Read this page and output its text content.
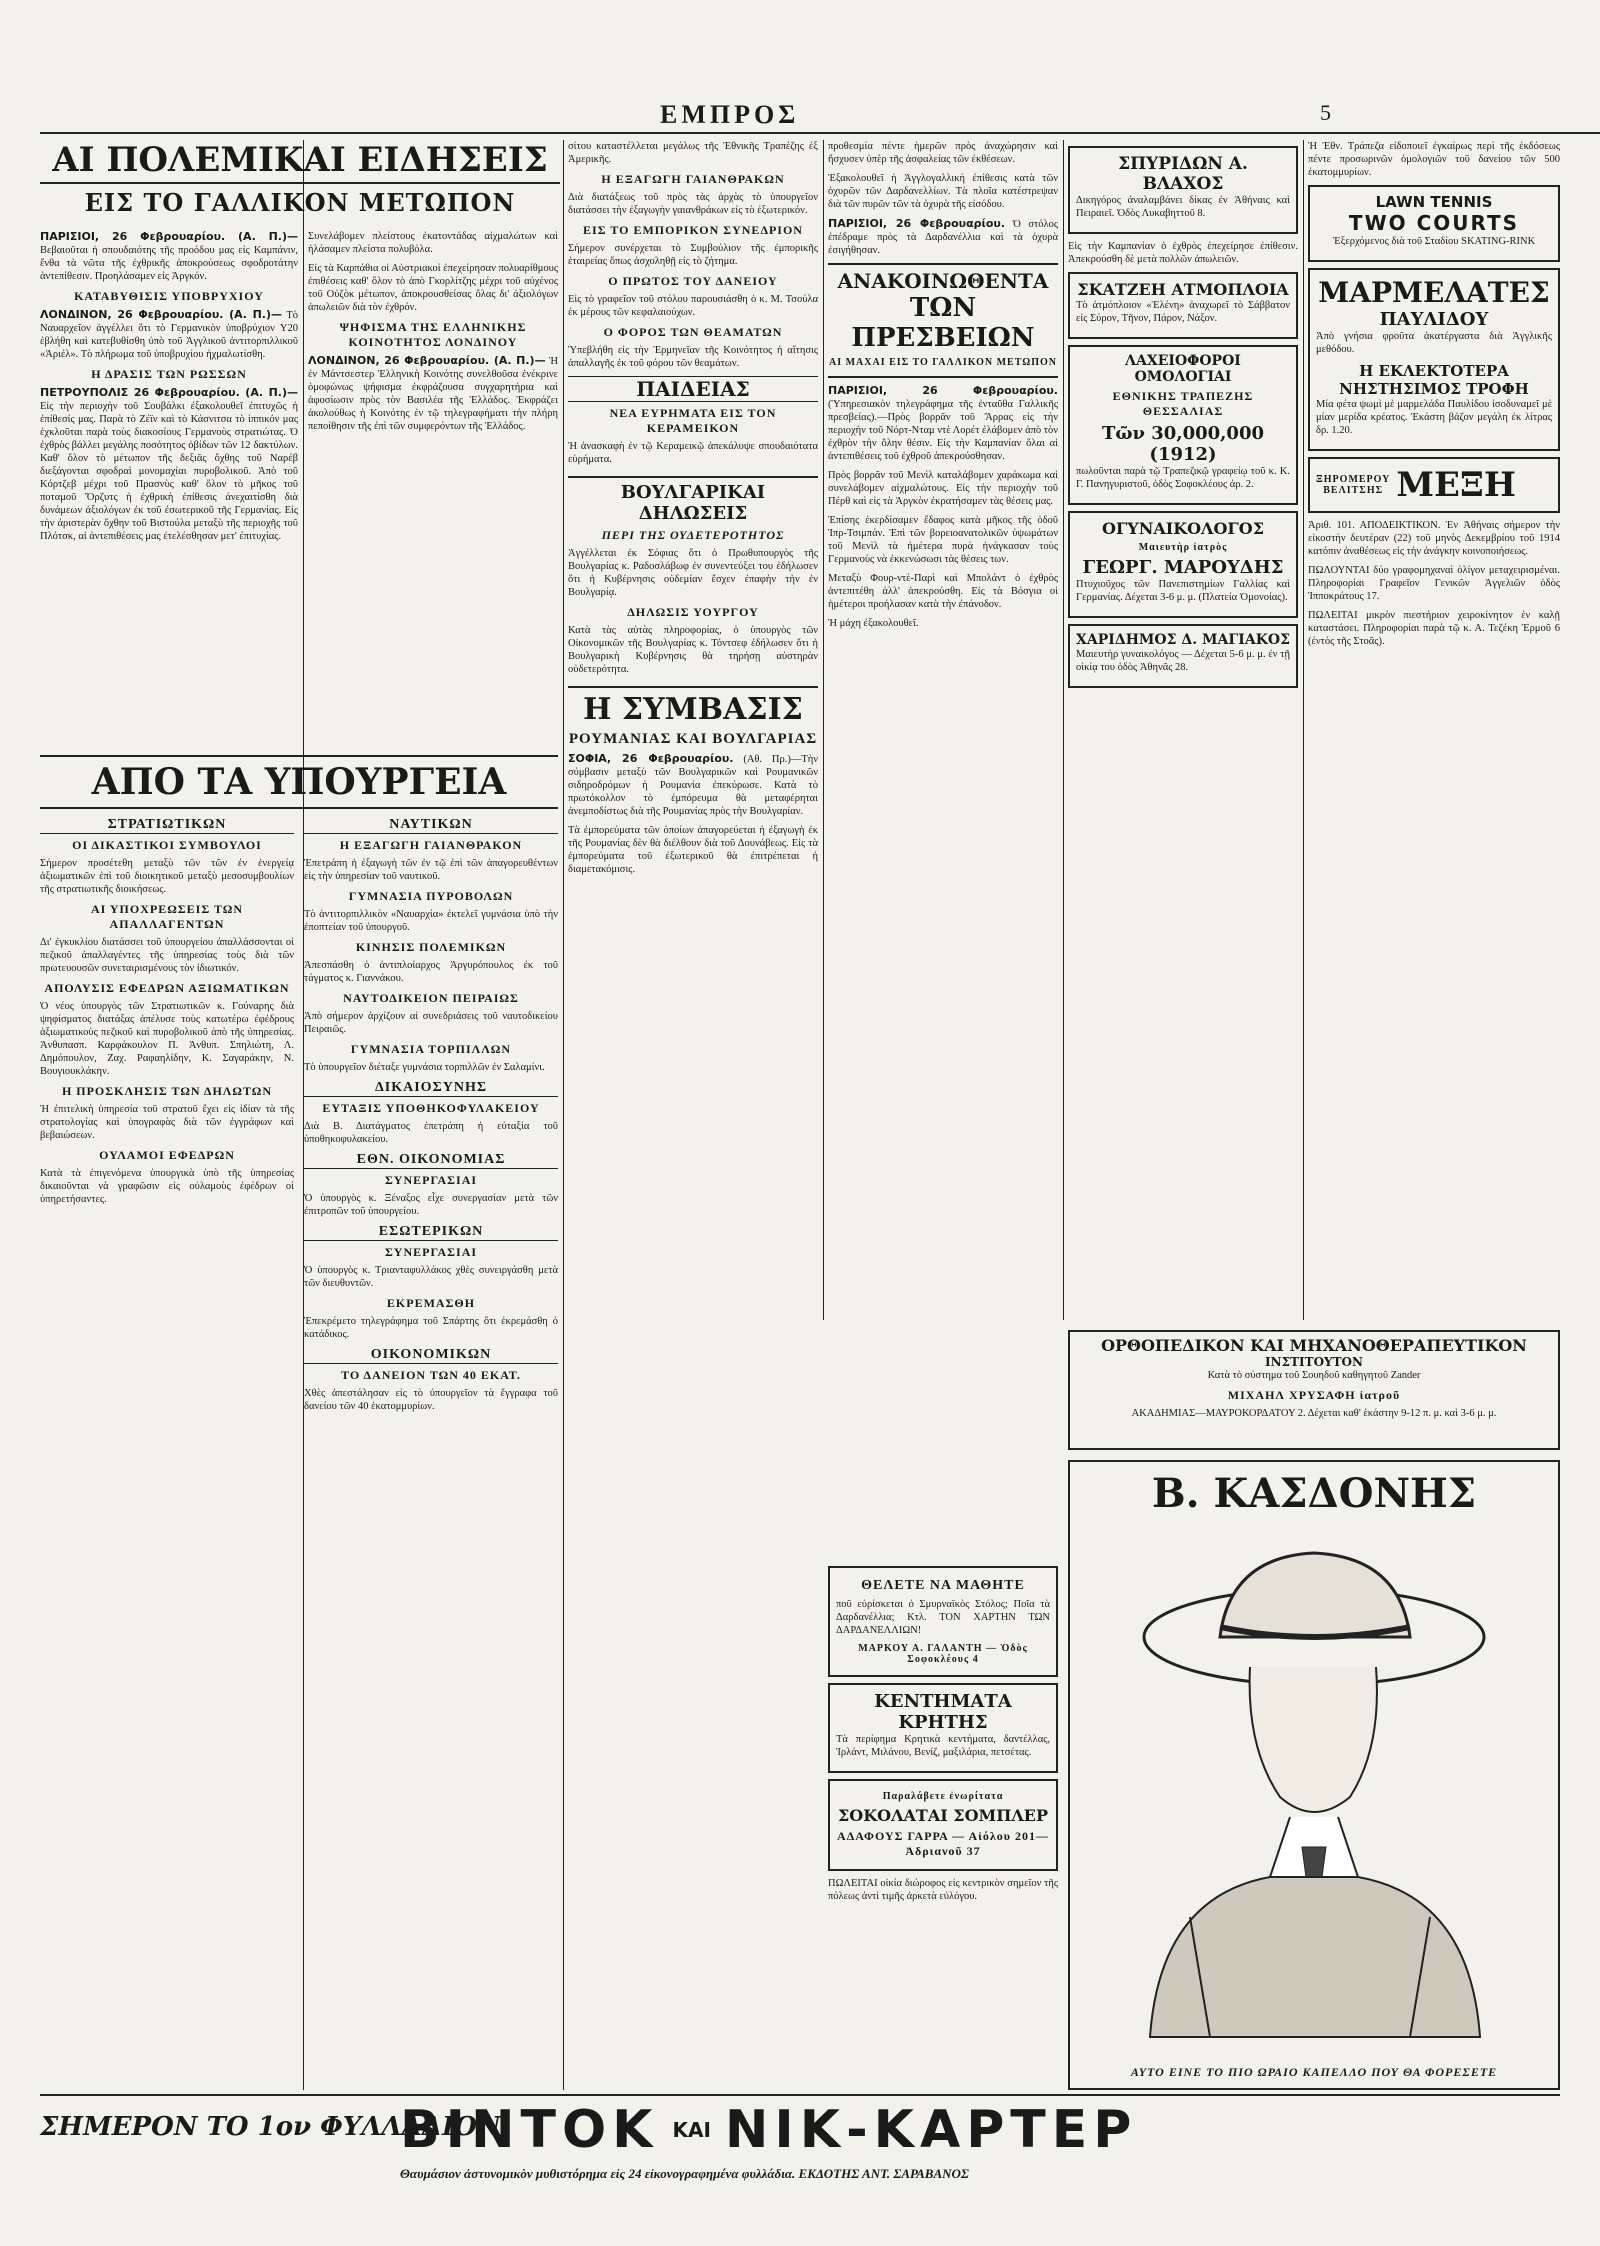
ΕΜΠΡΟΣ	5

ΑΙ ΠΟΛΕΜΙΚΑΙ ΕΙΔΗΣΕΙΣ

ΕΙΣ ΤΟ ΓΑΛΛΙΚΟΝ ΜΕΤΩΠΟΝ

ΠΑΡΙΣΙΟΙ, 26 Φεβρουαρίου. (Α. Π.)— Βεβαιοῦται ἡ σπουδαιότης τῆς προόδου μας εἰς Καμπάνιν, ἔνθα τὰ νῶτα τῆς ἐχθρικῆς ἀποκρούσεως σφοδροτάτην ἀντεπίθεσιν. Προηλάσαμεν εἰς Ἀργκόν.

ΚΑΤΑΒΥΘΙΣΙΣ ΥΠΟΒΡΥΧΙΟΥ

ΛΟΝΔΙΝΟΝ, 26 Φεβρουαρίου. (Α. Π.)— Τὸ Ναυαρχεῖον ἀγγέλλει ὅτι τὸ Γερμανικὸν ὑποβρύχιον Υ20 ἐβλήθη καὶ κατεβυθίσθη ὑπὸ τοῦ Ἀγγλικοῦ ἀντιτορπιλλικοῦ «Ἀριέλ». Τὸ πλήρωμα τοῦ ὑποβρυχίου ἠχμαλωτίσθη.

Η ΔΡΑΣΙΣ ΤΩΝ ΡΩΣΣΩΝ

ΠΕΤΡΟΥΠΟΛΙΣ 26 Φεβρουαρίου. (Α. Π.)— Εἰς τὴν περιοχὴν τοῦ Σουβάλκι ἐξακολουθεῖ ἐπιτυχῶς ἡ ἐπίθεσίς μας. Παρὰ τὸ Ζέϊν καὶ τὸ Κάσνιτσα τὸ ἱππικόν μας ἐχκλοῦται παρὰ τοὺς διακοσίους Γερμανοὺς στρατιώτας. Ὁ ἐχθρὸς βάλλει μεγάλης ποσότητος ὀβίδων τῶν 12 δακτύλων. Καθ' ὅλον τὸ μέτωπον τῆς δεξιᾶς ὄχθης τοῦ Ναρέβ διεξάγονται σφοδραὶ μονομαχίαι πυροβολικοῦ. Ἀπὸ τοῦ Κόρτζεβ μέχρι τοῦ Πρασνὺς καθ' ὅλον τὸ μῆκος τοῦ ποταμοῦ Ὄρζυτς ἡ ἐχθρικὴ ἐπίθεσις ἀνεχαιτίσθη διὰ δυνάμεων ἀξιολόγων ἐκ τοῦ ἐσωτερικοῦ τῆς Γερμανίας. Εἰς τὴν ἀριστερὰν ὄχθην τοῦ Βιστούλα μεταξὺ τῆς περιοχῆς τοῦ Πλότσκ, αἱ ἀντεπιθέσεις μας ἐτελέσθησαν μετ' ἐπιτυχίας.

Συνελάβομεν πλείστους ἐκατοντάδας αἰχμαλώτων καὶ ἠλάσαμεν πλείστα πολυβόλα.

Εἰς τὰ Καρπάθια οἱ Αὐστριακοὶ ἐπεχείρησαν πολυαρίθμους ἐπιθέσεις καθ' ὅλον τὸ ἀπὸ Γκορλίτζης μέχρι τοῦ αὐχένος τοῦ Οὐζὸκ μέτωπον, ἀποκρουσθείσας ὅλας δι' ἀξιολόγων ἀπωλειῶν διὰ τὸν ἐχθρόν.

ΨΗΦΙΣΜΑ ΤΗΣ ΕΛΛΗΝΙΚΗΣ ΚΟΙΝΟΤΗΤΟΣ ΛΟΝΔΙΝΟΥ

ΛΟΝΔΙΝΟΝ, 26 Φεβρουαρίου. (Α. Π.)— Ἡ ἐν Μάντσεστερ Ἑλληνικὴ Κοινότης συνελθοῦσα ἐνέκρινε ὁμοφώνως ψήφισμα ἐκφράζουσα συγχαρητήρια καὶ ἀφοσίωσιν πρὸς τὸν Βασιλέα τῆς Ἑλλάδος. Ἐκφράζει ἀκολούθως ἡ Κοινότης ἐν τῷ τηλεγραφήματι τὴν πλήρη πεποίθησιν τῆς ἐπὶ τῶν συμφερόντων τῆς Ἑλλάδος.

ΑΠΟ ΤΑ ΥΠΟΥΡΓΕΙΑ

ΣΤΡΑΤΙΩΤΙΚΩΝ

ΟΙ ΔΙΚΑΣΤΙΚΟΙ ΣΥΜΒΟΥΛΟΙ

Σήμερον προσέτεθη μεταξὺ τῶν τῶν ἐν ἐνεργείᾳ ἀξιωματικῶν ἐπὶ τοῦ διοικητικοῦ μεταξὺ μεσοσυμβουλίων τῆς στρατιωτικῆς διοικήσεως.

ΑΙ ΥΠΟΧΡΕΩΣΕΙΣ ΤΩΝ ΑΠΑΛΛΑΓΕΝΤΩΝ

Δι' ἐγκυκλίου διατάσσει τοῦ ὑπουργείου ἀπαλλάσσονται οἱ πεζικοῦ ἀπαλλαγέντες τῆς ὑπηρεσίας τοὺς διὰ τῶν πρωτευουσῶν συνεταιρισμένους τὸν ἰδιωτικόν.

ΑΠΟΛΥΣΙΣ ΕΦΕΔΡΩΝ ΑΞΙΩΜΑΤΙΚΩΝ

Ὁ νέος ὑπουργὸς τῶν Στρατιωτικῶν κ. Γούναρης διὰ ψηφίσματος διατάξας ἀπέλυσε τοὺς κατωτέρω ἐφέδρους ἀξιωματικοὺς πεζικοῦ καὶ πυροβολικοῦ ἀπὸ τῆς ὑπηρεσίας. Ἀνθυπασπ. Καρφάκουλον Π. Ἀνθυπ. Σπηλιώτη, Λ. Δημόπουλον, Ζαχ. Ραφαηλίδην, Κ. Σαγαράκην, Ν. Βουγιουκλάκην.

Η ΠΡΟΣΚΛΗΣΙΣ ΤΩΝ ΔΗΛΩΤΩΝ

Ἡ ἐπιτελικὴ ὑπηρεσία τοῦ στρατοῦ ἔχει εἰς ἰδίαν τὰ τῆς στρατολογίας καὶ ὑπογραφὰς διὰ τῶν ἐγγράφων καὶ βεβαιώσεων.

ΟΥΛΑΜΟΙ ΕΦΕΔΡΩΝ

Κατὰ τὰ ἐπιγενόμενα ὑπουργικὰ ὑπὸ τῆς ὑπηρεσίας δικαιοῦνται νὰ γραφῶσιν εἰς οὐλαμοὺς ἐφέδρων οἱ ὑπηρετήσαντες.

ΝΑΥΤΙΚΩΝ

Η ΕΞΑΓΩΓΗ ΓΑΙΑΝΘΡΑΚΟΝ

Ἐπετράπη ἡ ἐξαγωγὴ τῶν ἐν τῷ ἐπὶ τῶν ἀπαγορευθέντων εἰς τὴν ὑπηρεσίαν τοῦ ναυτικοῦ.

ΓΥΜΝΑΣΙΑ ΠΥΡΟΒΟΛΩΝ

Τὸ ἀντιτορπιλλικὸν «Ναυαρχία» ἐκτελεῖ γυμνάσια ὑπὸ τὴν ἐποπτείαν τοῦ ὑπουργοῦ.

ΚΙΝΗΣΙΣ ΠΟΛΕΜΙΚΩΝ

Ἀπεσπάσθη ὁ ἀντιπλοίαρχος Ἀργυρόπουλος ἐκ τοῦ τάγματος κ. Γιαννάκου.

ΝΑΥΤΟΔΙΚΕΙΟΝ ΠΕΙΡΑΙΩΣ

Ἀπὸ σήμερον ἀρχίζουν αἱ συνεδριάσεις τοῦ ναυτοδικείου Πειραιῶς.

ΓΥΜΝΑΣΙΑ ΤΟΡΠΙΛΛΩΝ

Τὸ ὑπουργεῖον διέταξε γυμνάσια τορπιλλῶν ἐν Σαλαμίνι.

ΔΙΚΑΙΟΣΥΝΗΣ

ΕΥΤΑΞΙΣ ΥΠΟΘΗΚΟΦΥΛΑΚΕΙΟΥ

Διὰ Β. Διατάγματος ἐπετράπη ἡ εὐταξία τοῦ ὑποθηκοφυλακείου.

ΕΘΝ. ΟΙΚΟΝΟΜΙΑΣ

ΣΥΝΕΡΓΑΣΙΑΙ

Ὁ ὑπουργὸς κ. Ξέναξος εἶχε συνεργασίαν μετὰ τῶν ἐπιτροπῶν τοῦ ὑπουργείου.

ΕΣΩΤΕΡΙΚΩΝ

ΣΥΝΕΡΓΑΣΙΑΙ

Ὁ ὑπουργὸς κ. Τριανταφυλλάκος χθὲς συνειργάσθη μετὰ τῶν διευθυντῶν.

ΕΚΡΕΜΑΣΘΗ

Ἐπεκρέμετο τηλεγράφημα τοῦ Σπάρτης ὅτι ἐκρεμάσθη ὁ κατάδικος.

ΟΙΚΟΝΟΜΙΚΩΝ

ΤΟ ΔΑΝΕΙΟΝ ΤΩΝ 40 ΕΚΑΤ.

Χθὲς ἀπεστάλησαν εἰς τὸ ὑπουργεῖον τὰ ἔγγραφα τοῦ δανείου τῶν 40 ἑκατομμυρίων.

σίτου καταστέλλεται μεγάλως τῆς Ἐθνικῆς Τραπέζης ἐξ Ἀμερικῆς.

Η ΕΞΑΓΩΓΗ ΓΑΙΑΝΘΡΑΚΩΝ

Διὰ διατάξεως τοῦ πρὸς τὰς ἀρχὰς τὸ ὑπουργεῖον διατάσσει τὴν ἐξαγωγὴν γαιανθράκων εἰς τὸ ἐξωτερικόν.

ΕΙΣ ΤΟ ΕΜΠΟΡΙΚΟΝ ΣΥΝΕΔΡΙΟΝ

Σήμερον συνέρχεται τὸ Συμβούλιον τῆς ἐμπορικῆς ἑταιρείας ὅπως ἀσχοληθῇ εἰς τὸ ζήτημα.

Ο ΠΡΩΤΟΣ ΤΟΥ ΔΑΝΕΙΟΥ

Εἰς τὸ γραφεῖον τοῦ στόλου παρουσιάσθη ὁ κ. Μ. Τσούλα ἐκ μέρους τῶν κεφαλαιούχων.

Ο ΦΟΡΟΣ ΤΩΝ ΘΕΑΜΑΤΩΝ

Ὑπεβλήθη εἰς τὴν Ἑρμηνεῖαν τῆς Κοινότητος ἡ αἴτησις ἀπαλλαγῆς ἐκ τοῦ φόρου τῶν θεαμάτων.

ΠΑΙΔΕΙΑΣ

ΝΕΑ ΕΥΡΗΜΑΤΑ ΕΙΣ ΤΟΝ ΚΕΡΑΜΕΙΚΟΝ

Ἡ ἀνασκαφὴ ἐν τῷ Κεραμεικῷ ἀπεκάλυψε σπουδαιότατα εὑρήματα.

ΒΟΥΛΓΑΡΙΚΑΙ ΔΗΛΩΣΕΙΣ

ΠΕΡΙ ΤΗΣ ΟΥΔΕΤΕΡΟΤΗΤΟΣ

Ἀγγέλλεται ἐκ Σόφιας ὅτι ὁ Πρωθυπουργὸς τῆς Βουλγαρίας κ. Ραδοσλάβωφ ἐν συνεντεύξει του ἐδήλωσεν ὅτι ἡ Κυβέρνησις οὐδεμίαν ἔσχεν ἐπαφὴν τὴν ἐν Βουλγαρίᾳ.

ΔΗΛΩΣΙΣ ΥΟΥΡΓΟΥ

Κατὰ τὰς αὐτὰς πληροφορίας, ὁ ὑπουργὸς τῶν Οἰκονομικῶν τῆς Βουλγαρίας κ. Τόντσεφ ἐδήλωσεν ὅτι ἡ Βουλγαρικὴ Κυβέρνησις θὰ τηρήσῃ αὐστηρὰν οὐδετερότητα.

Η ΣΥΜΒΑΣΙΣ

ΡΟΥΜΑΝΙΑΣ ΚΑΙ ΒΟΥΛΓΑΡΙΑΣ

ΣΟΦΙΑ, 26 Φεβρουαρίου. (Αθ. Πρ.)—Τὴν σύμβασιν μεταξὺ τῶν Βουλγαρικῶν καὶ Ρουμανικῶν σιδηροδρόμων ἡ Ρουμανία ἐπεκύρωσε. Κατὰ τὸ πρωτόκολλον τὸ ἐμπόρευμα θὰ μεταφέρηται ἀνεμποδίστως διὰ τῆς Ρουμανίας πρὸς τὴν Βουλγαρίαν.

Τὰ ἐμπορεύματα τῶν ὁποίων ἀπαγορεύεται ἡ ἐξαγωγὴ ἐκ τῆς Ρουμανίας δὲν θὰ διέλθουν διὰ τοῦ Δουνάβεως. Εἰς τὰ ἐμπορεύματα τοῦ ἐξωτερικοῦ θὰ ἐπιτρέπεται ἡ διαμετακόμισις.

προθεσμία πέντε ἡμερῶν πρὸς ἀναχώρησιν καὶ ἤσχυσεν ὑπὲρ τῆς ἀσφαλείας τῶν ἐκθέσεων.

Ἐξακολουθεῖ ἡ Ἀγγλογαλλικὴ ἐπίθεσις κατὰ τῶν ὀχυρῶν τῶν Δαρδανελλίων. Τὰ πλοῖα κατέστρεψαν διὰ τῶν πυρῶν τῶν τὰ ὀχυρὰ τῆς εἰσόδου.

ΠΑΡΙΣΙΟΙ, 26 Φεβρουαρίου. Ὁ στόλος ἐπέδραμε πρὸς τὰ Δαρδανέλλια καὶ τὰ ὀχυρὰ ἐσιγήθησαν.

ΑΝΑΚΟΙΝΩΘΕΝΤΑ

ΤΩΝ ΠΡΕΣΒΕΙΩΝ

ΑΙ ΜΑΧΑΙ ΕΙΣ ΤΟ ΓΑΛΛΙΚΟΝ ΜΕΤΩΠΟΝ

ΠΑΡΙΣΙΟΙ, 26 Φεβρουαρίου. (Ὑπηρεσιακὸν τηλεγράφημα τῆς ἐνταῦθα Γαλλικῆς πρεσβείας).—Πρὸς βορρᾶν τοῦ Ἄρρας εἰς τὴν περιοχὴν τοῦ Νόρτ-Νταμ ντὲ Λορέτ ἐλάβομεν ἀπὸ τὸν ἐχθρὸν τὴν ὅλην θέσιν. Εἰς τὴν Καμπανίαν ὅλαι αἱ ἀντεπιθέσεις τοῦ ἐχθροῦ ἀπεκρούσθησαν.

Πρὸς βορρᾶν τοῦ Μενὶλ καταλάβομεν χαράκωμα καὶ συνελάβομεν αἰχμαλώτους. Εἰς τὴν περιοχὴν τοῦ Πέρθ καὶ εἰς τὰ Ἀργκὸν ἐκρατήσαμεν τὰς θέσεις μας.

Ἐπίσης ἐκερδίσαμεν ἔδαφος κατὰ μῆκος τῆς ὁδοῦ Ἰπρ-Τσιμπάν. Ἐπὶ τῶν βορειοανατολικῶν ὑψωμάτων τοῦ Μενὶλ τὰ ἡμέτερα πυρὰ ἠνάγκασαν τοὺς Γερμανοὺς νὰ ἐκκενώσωσι τὰς θέσεις των.

Μεταξὺ Φουρ-ντὲ-Παρὶ καὶ Μπολάντ ὁ ἐχθρὸς ἀντεπιτέθη ἀλλ' ἀπεκρούσθη. Εἰς τὰ Βόσγια οἱ ἡμέτεροι προήλασαν κατὰ τὴν ἐπάνοδον.

Ἡ μάχη ἐξακολουθεῖ.

ΘΕΛΕΤΕ ΝΑ ΜΑΘΗΤΕ

ποῦ εὑρίσκεται ὁ Σμυρναϊκὸς Στόλος; Ποῖα τὰ Δαρδανέλλια; Κτλ. ΤΟΝ ΧΑΡΤΗΝ ΤΩΝ ΔΑΡΔΑΝΕΛΛΙΩΝ!

ΜΑΡΚΟΥ Α. ΓΑΛΑΝΤΗ — Ὁδὸς Σοφοκλέους 4

ΚΕΝΤΗΜΑΤΑ ΚΡΗΤΗΣ

Τὰ περίφημα Κρητικὰ κεντήματα, δαντέλλας, Ἰρλάντ, Μιλάνου, Βενίζ, μαξιλάρια, πετσέτας.

Παραλάβετε ἐνωρίτατα

ΣΟΚΟΛΑΤΑΙ ΣΟΜΠΛΕΡ

ΑΔΑΦΟΥΣ ΓΑΡΡΑ — Αἰόλου 201—Ἀδριανοῦ 37

ΠΩΛΕΙΤΑΙ οἰκία διώροφος εἰς κεντρικὸν σημεῖον τῆς πόλεως ἀντὶ τιμῆς ἀρκετὰ εὐλόγου.

ΣΠΥΡΙΔΩΝ Α. ΒΛΑΧΟΣ

Δικηγόρος ἀναλαμβάνει δίκας ἐν Ἀθήναις καὶ Πειραιεῖ. Ὁδὸς Λυκαβηττοῦ 8.

Εἰς τὴν Καμπανίαν ὁ ἐχθρὸς ἐπεχείρησε ἐπίθεσιν. Ἀπεκρούσθη δὲ μετὰ πολλῶν ἀπωλειῶν.

ΣΚΑΤΖΕΗ ΑΤΜΟΠΛΟΙΑ

Τὸ ἀτμόπλοιον «Ἑλένη» ἀναχωρεῖ τὸ Σάββατον εἰς Σύρον, Τῆνον, Πάρον, Νάξον.

ΛΑΧΕΙΟΦΟΡΟΙ ΟΜΟΛΟΓΙΑΙ

ΕΘΝΙΚΗΣ ΤΡΑΠΕΖΗΣ ΘΕΣΣΑΛΙΑΣ

Τῶν 30,000,000 (1912)

πωλοῦνται παρὰ τῷ Τραπεζικῷ γραφείῳ τοῦ κ. Κ. Γ. Πανηγυριστοῦ, ὁδὸς Σοφοκλέους ἀρ. 2.

ΟΓΥΝΑΙΚΟΛΟΓΟΣ

Μαιευτὴρ ἰατρὸς

ΓΕΩΡΓ. ΜΑΡΟΥΔΗΣ

Πτυχιοῦχος τῶν Πανεπιστημίων Γαλλίας καὶ Γερμανίας. Δέχεται 3-6 μ. μ. (Πλατεία Ὁμονοίας).

ΧΑΡΙΔΗΜΟΣ Δ. ΜΑΓΙΑΚΟΣ

Μαιευτὴρ γυναικολόγος — Δέχεται 5-6 μ. μ. ἐν τῇ οἰκίᾳ του ὁδὸς Ἀθηνᾶς 28.

Ἡ Ἐθν. Τράπεζα εἰδοποιεῖ ἐγκαίρως περὶ τῆς ἐκδόσεως πέντε προσωρινῶν ὁμολογιῶν τοῦ δανείου τῶν 500 ἑκατομμυρίων.

LAWN TENNIS

TWO COURTS

Ἐξερχόμενος διὰ τοῦ Σταδίου SKATING-RINK

ΜΑΡΜΕΛΑΤΕΣ

ΠΑΥΛΙΔΟΥ

Ἀπὸ γνήσια φροῦτα ἀκατέργαστα διὰ Ἀγγλικῆς μεθόδου.

Η ΕΚΛΕΚΤΟΤΕΡΑ ΝΗΣΤΗΣΙΜΟΣ ΤΡΟΦΗ

Μία φέτα ψωμὶ μὲ μαρμελάδα Παυλίδου ἰσοδυναμεῖ μὲ μίαν μερίδα κρέατος. Ἑκάστη βάζον μεγάλη ἐκ λίτρας δρ. 1.20.

ΞΗΡΟΜΕΡΟΥ

ΒΕΛΙΤΣΗΣ ΜΕΞΗ

Ἀριθ. 101. ΑΠΟΔΕΙΚΤΙΚΟΝ. Ἐν Ἀθήναις σήμερον τὴν εἰκοστὴν δευτέραν (22) τοῦ μηνὸς Δεκεμβρίου τοῦ 1914 κατόπιν ἀναθέσεως εἰς τὴν ἀνάγκην κοινοποιήσεως.

ΠΩΛΟΥΝΤΑΙ δύο γραφομηχαναὶ ὀλίγον μεταχειρισμέναι. Πληροφορίαι Γραφεῖον Γενικῶν Ἀγγελιῶν ὁδὸς Ἱπποκράτους 17.

ΠΩΛΕΙΤΑΙ μικρὸν πιεστήριον χειροκίνητον ἐν καλῇ καταστάσει. Πληροφορίαι παρὰ τῷ κ. Α. Τεζέκη Ἑρμοῦ 6 (ἐντὸς τῆς Στοᾶς).

ΟΡΘΟΠΕΔΙΚΟΝ ΚΑΙ ΜΗΧΑΝΟΘΕΡΑΠΕΥΤΙΚΟΝ

ΙΝΣΤΙΤΟΥΤΟΝ

Κατὰ τὸ σύστημα τοῦ Σουηδοῦ καθηγητοῦ Zander

ΜΙΧΑΗΛ ΧΡΥΣΑΦΗ ἰατροῦ

ΑΚΑΔΗΜΙΑΣ—ΜΑΥΡΟΚΟΡΔΑΤΟΥ 2. Δέχεται καθ' ἑκάστην 9-12 π. μ. καὶ 3-6 μ. μ.

Β. ΚΑΣΔΟΝΗΣ

ΑΥΤΟ ΕΙΝΕ ΤΟ ΠΙΟ ΩΡΑΙΟ ΚΑΠΕΛΛΟ ΠΟΥ ΘΑ ΦΟΡΕΣΕΤΕ

ΣΗΜΕΡΟΝ ΤΟ 1ον ΦΥΛΛΑΔΙΟΝ

ΒΙΝΤΟΚ ΚΑΙ ΝΙΚ-ΚΑΡΤΕΡ

Θαυμάσιον ἀστυνομικὸν μυθιστόρημα εἰς 24 εἰκονογραφημένα φυλλάδια. ΕΚΔΟΤΗΣ ΑΝΤ. ΣΑΡΑΒΑΝΟΣ
